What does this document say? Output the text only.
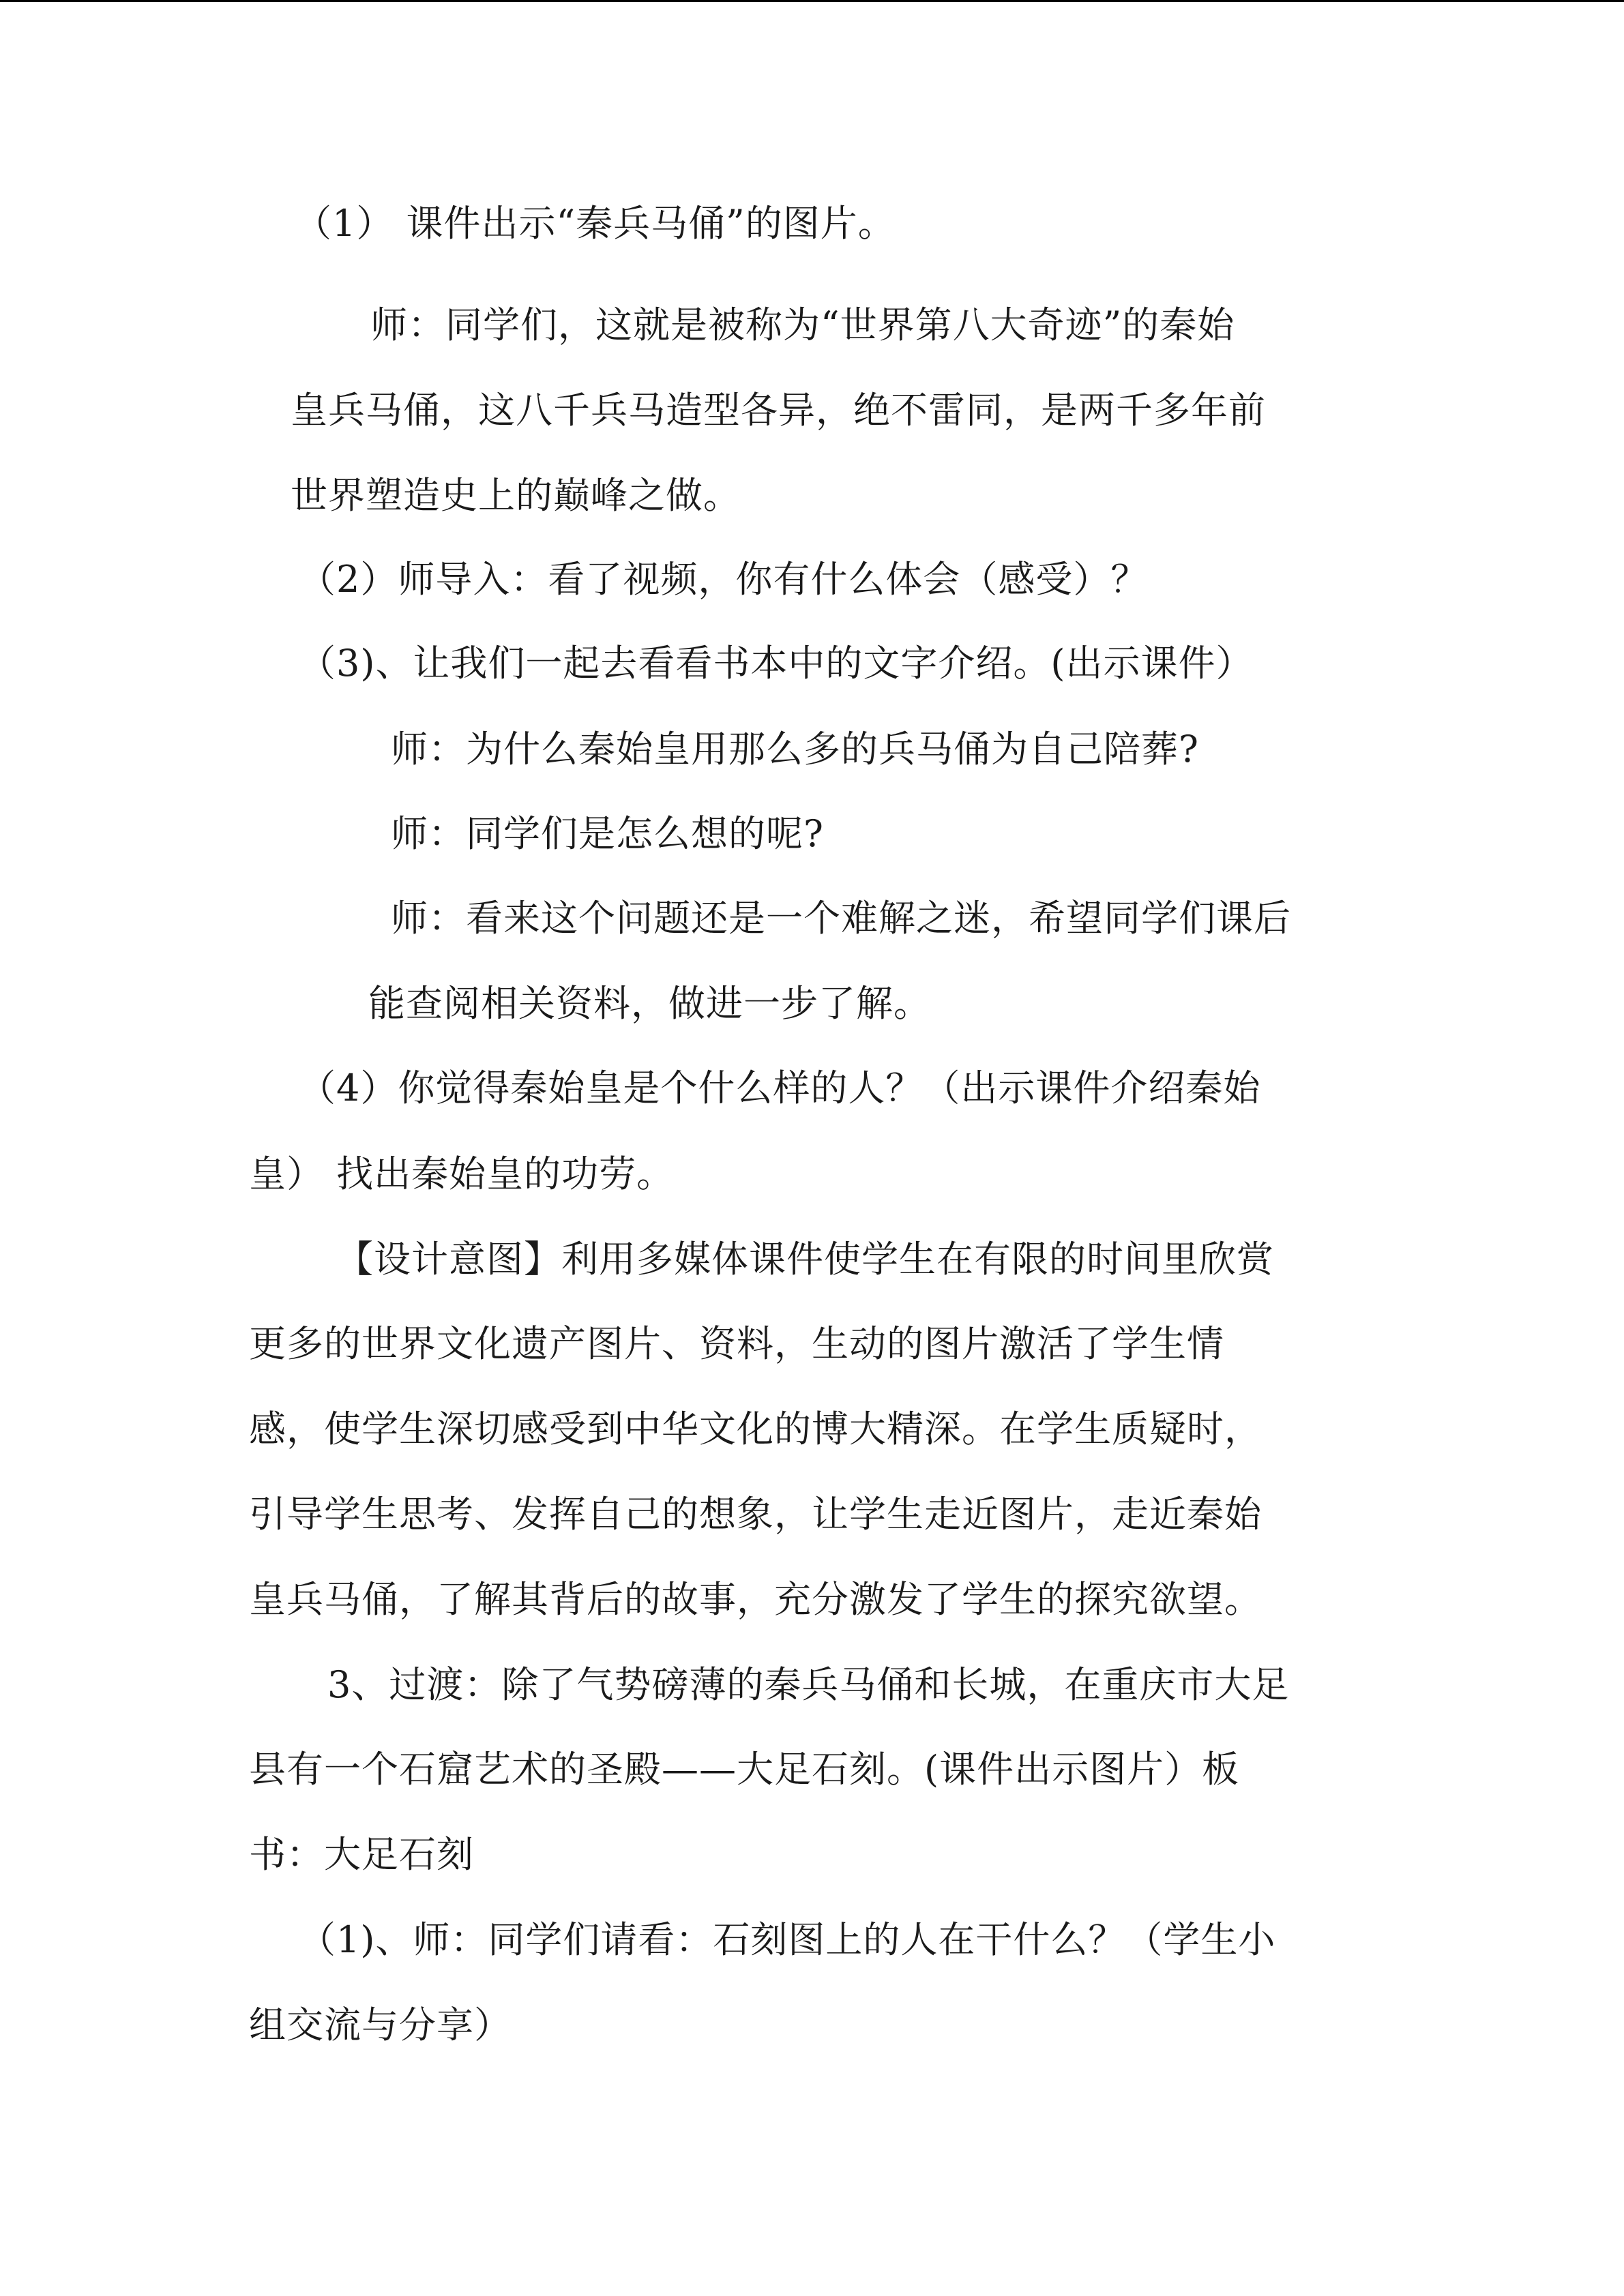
（1） 课件出示“秦兵马俑”的图片。
师：同学们，这就是被称为“世界第八大奇迹”的秦始
皇兵马俑，这八千兵马造型各异，绝不雷同，是两千多年前
世界塑造史上的巅峰之做。
（2）师导入：看了视频，你有什么体会（感受）？
（3)、让我们一起去看看书本中的文字介绍。(出示课件）
师：为什么秦始皇用那么多的兵马俑为自己陪葬?
师：同学们是怎么想的呢?
师：看来这个问题还是一个难解之迷，希望同学们课后
能查阅相关资料，做进一步了解。
（4）你觉得秦始皇是个什么样的人？（出示课件介绍秦始
皇） 找出秦始皇的功劳。
【设计意图】利用多媒体课件使学生在有限的时间里欣赏
更多的世界文化遗产图片、资料，生动的图片激活了学生情
感，使学生深切感受到中华文化的博大精深。在学生质疑时，
引导学生思考、发挥自己的想象，让学生走近图片，走近秦始
皇兵马俑，了解其背后的故事，充分激发了学生的探究欲望。
3、过渡：除了气势磅薄的秦兵马俑和长城，在重庆市大足
县有一个石窟艺术的圣殿——大足石刻。(课件出示图片）板
书：大足石刻
（1)、师：同学们请看：石刻图上的人在干什么？（学生小
组交流与分享）
